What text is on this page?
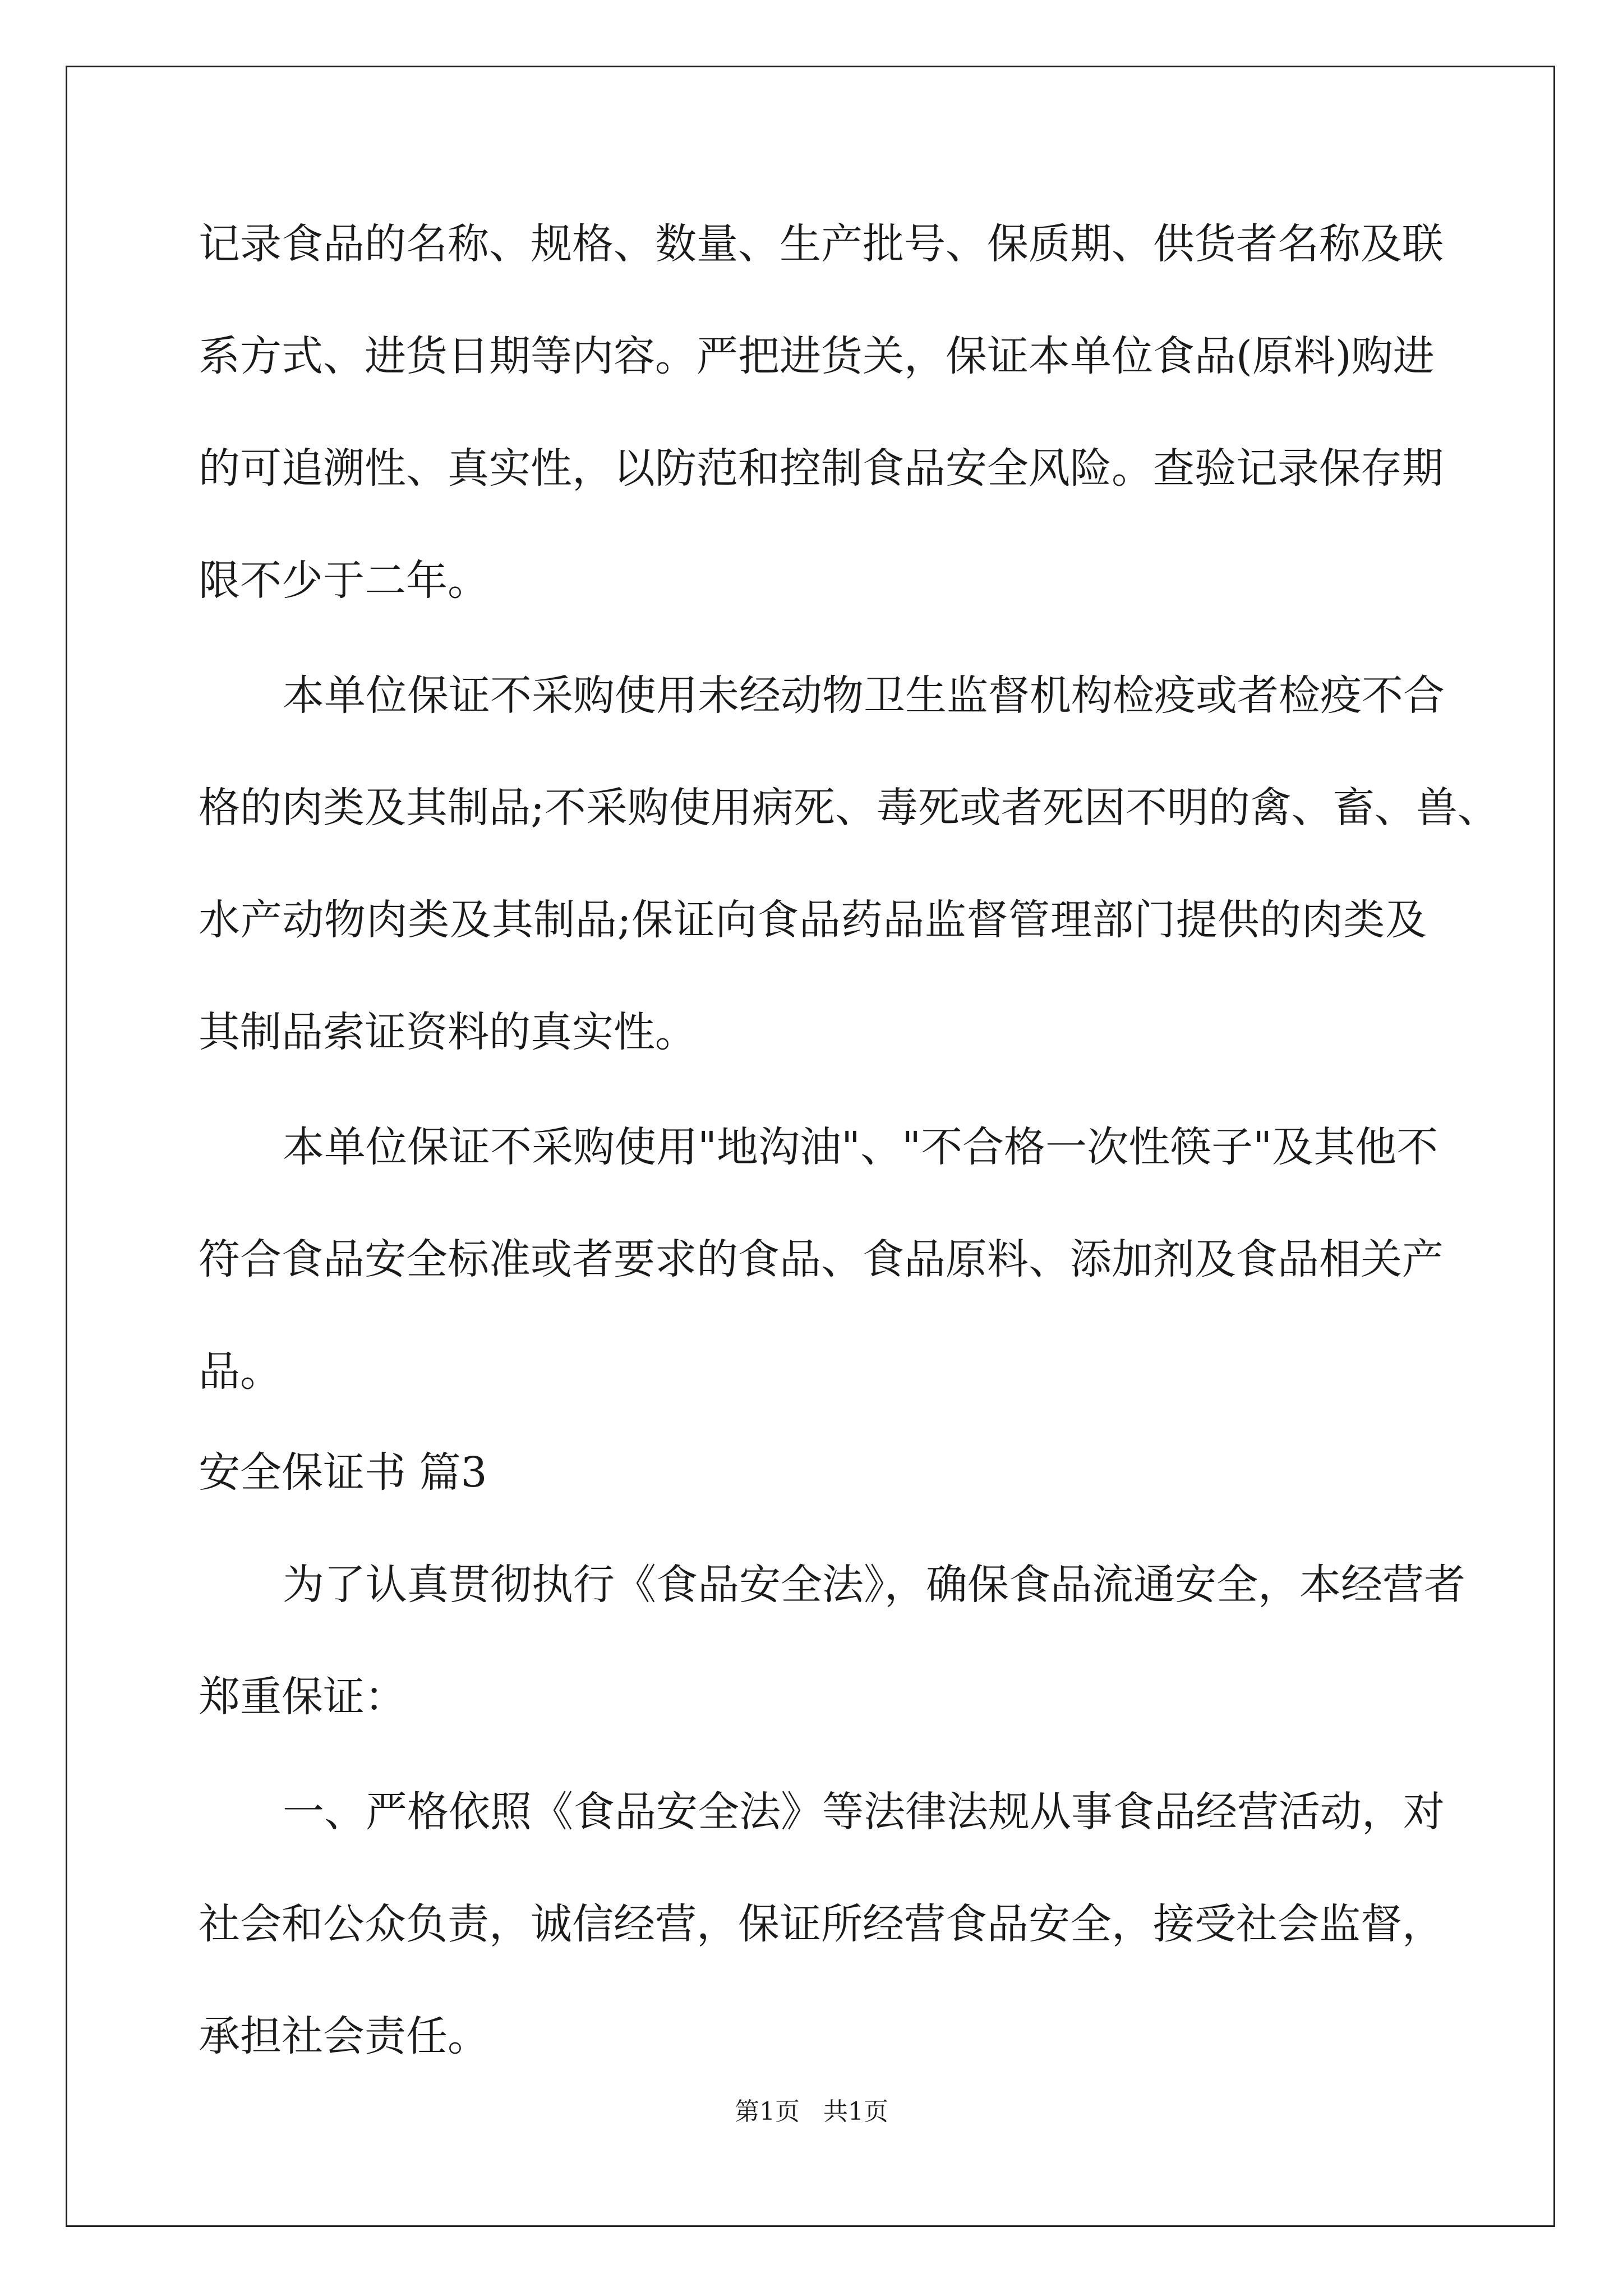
记录食品的名称、规格、数量、生产批号、保质期、供货者名称及联
系方式、进货日期等内容。严把进货关，保证本单位食品(原料)购进
的可追溯性、真实性，以防范和控制食品安全风险。查验记录保存期
限不少于二年。
本单位保证不采购使用未经动物卫生监督机构检疫或者检疫不合
格的肉类及其制品;不采购使用病死、毒死或者死因不明的禽、畜、兽、
水产动物肉类及其制品;保证向食品药品监督管理部门提供的肉类及
其制品索证资料的真实性。
本单位保证不采购使用"地沟油"、"不合格一次性筷子"及其他不
符合食品安全标准或者要求的食品、食品原料、添加剂及食品相关产
品。
安全保证书 篇3
为了认真贯彻执行《食品安全法》，确保食品流通安全，本经营者
郑重保证：
一、严格依照《食品安全法》等法律法规从事食品经营活动，对
社会和公众负责，诚信经营，保证所经营食品安全，接受社会监督，
承担社会责任。
第1页   共1页
